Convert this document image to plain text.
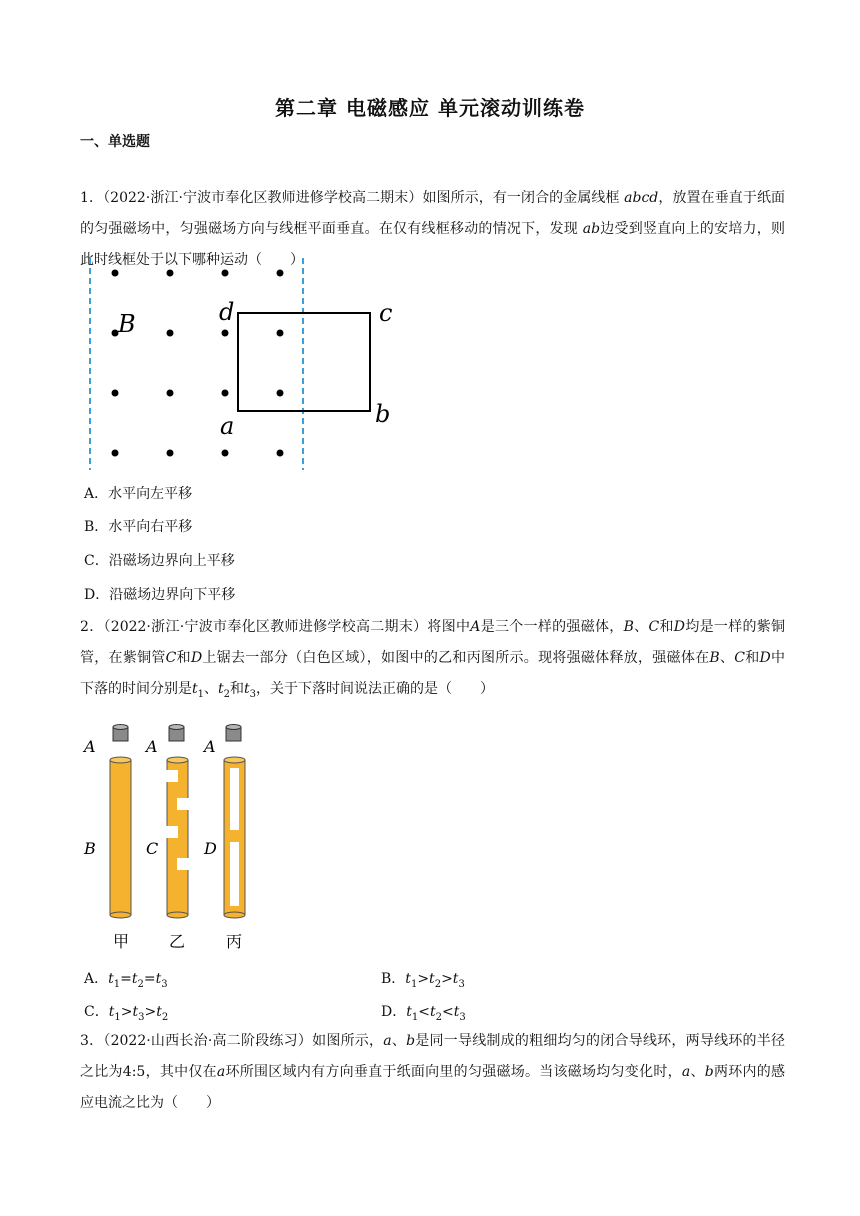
第二章 电磁感应 单元滚动训练卷
一、单选题
1．（2022·浙江·宁波市奉化区教师进修学校高二期末）如图所示，有一闭合的金属线框 abcd，放置在垂直于纸面的匀强磁场中，匀强磁场方向与线框平面垂直。在仅有线框移动的情况下，发现 ab边受到竖直向上的安培力，则此时线框处于以下哪种运动（　　）
B	d	c
a	b
A．水平向左平移
B．水平向右平移
C．沿磁场边界向上平移
D．沿磁场边界向下平移
2．（2022·浙江·宁波市奉化区教师进修学校高二期末）将图中A是三个一样的强磁体，B、C和D均是一样的紫铜管，在紫铜管C和D上锯去一部分（白色区域），如图中的乙和丙图所示。现将强磁体释放，强磁体在B、C和D中下落的时间分别是$t_1$、$t_2$和$t_3$，关于下落时间说法正确的是（　　）
A	A	A
B	C	D
甲 乙	丙
A．$t_1=t_2=t_3$	B．$t_1>t_2>t_3$
C．$t_1>t_3>t_2$	D．$t_1<t_2<t_3$
3．（2022·山西长治·高二阶段练习）如图所示，a、b是同一导线制成的粗细均匀的闭合导线环，两导线环的半径之比为4:5，其中仅在a环所围区域内有方向垂直于纸面向里的匀强磁场。当该磁场均匀变化时，a、b两环内的感应电流之比为（　　）
